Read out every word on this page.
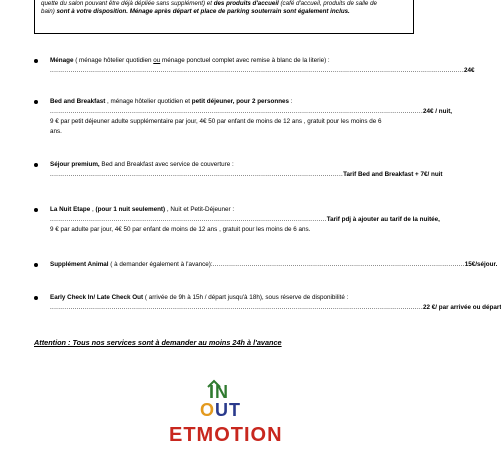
quette du salon pouvant être déjà dépliée sans supplément) et des produits d'accueil (café d'accueil, produits de salle de
bain) sont à votre disposition. Ménage après départ et place de parking souterrain sont également inclus.
Ménage ( ménage hôtelier quotidien ou ménage ponctuel complet avec remise à blanc de la literie) :
..........................................................................................................................................................................................................24€
Bed and Breakfast , ménage hôtelier quotidien et petit déjeuner, pour 2 personnes :
......................................................................................................................................................................................24€ / nuit,
9 € par petit déjeuner adulte supplémentaire par jour, 4€ 50 par enfant de moins de 12 ans , gratuit pour les moins de 6
ans.
Séjour premium, Bed and Breakfast avec service de couverture :
...............................................................................................................................................Tarif Bed and Breakfast + 7€/ nuit
La Nuit Etape , (pour 1 nuit seulement) , Nuit et Petit-Déjeuner :
.......................................................................................................................................Tarif pdj à ajouter au tarif de la nuitée,
9 € par adulte par jour, 4€ 50 par enfant de moins de 12 ans , gratuit pour les moins de 6 ans.
Supplément Animal ( à demander également à l'avance):...........................................................................................................................15€/séjour.
Early Check In/ Late Check Out ( arrivée de 9h à 15h / départ jusqu'à 18h), sous réserve de disponibilité :
......................................................................................................................................................................................22 €/ par arrivée ou départ
Attention : Tous nos services sont à demander au moins 24h à l'avance
IN
OUT
ETMOTION
